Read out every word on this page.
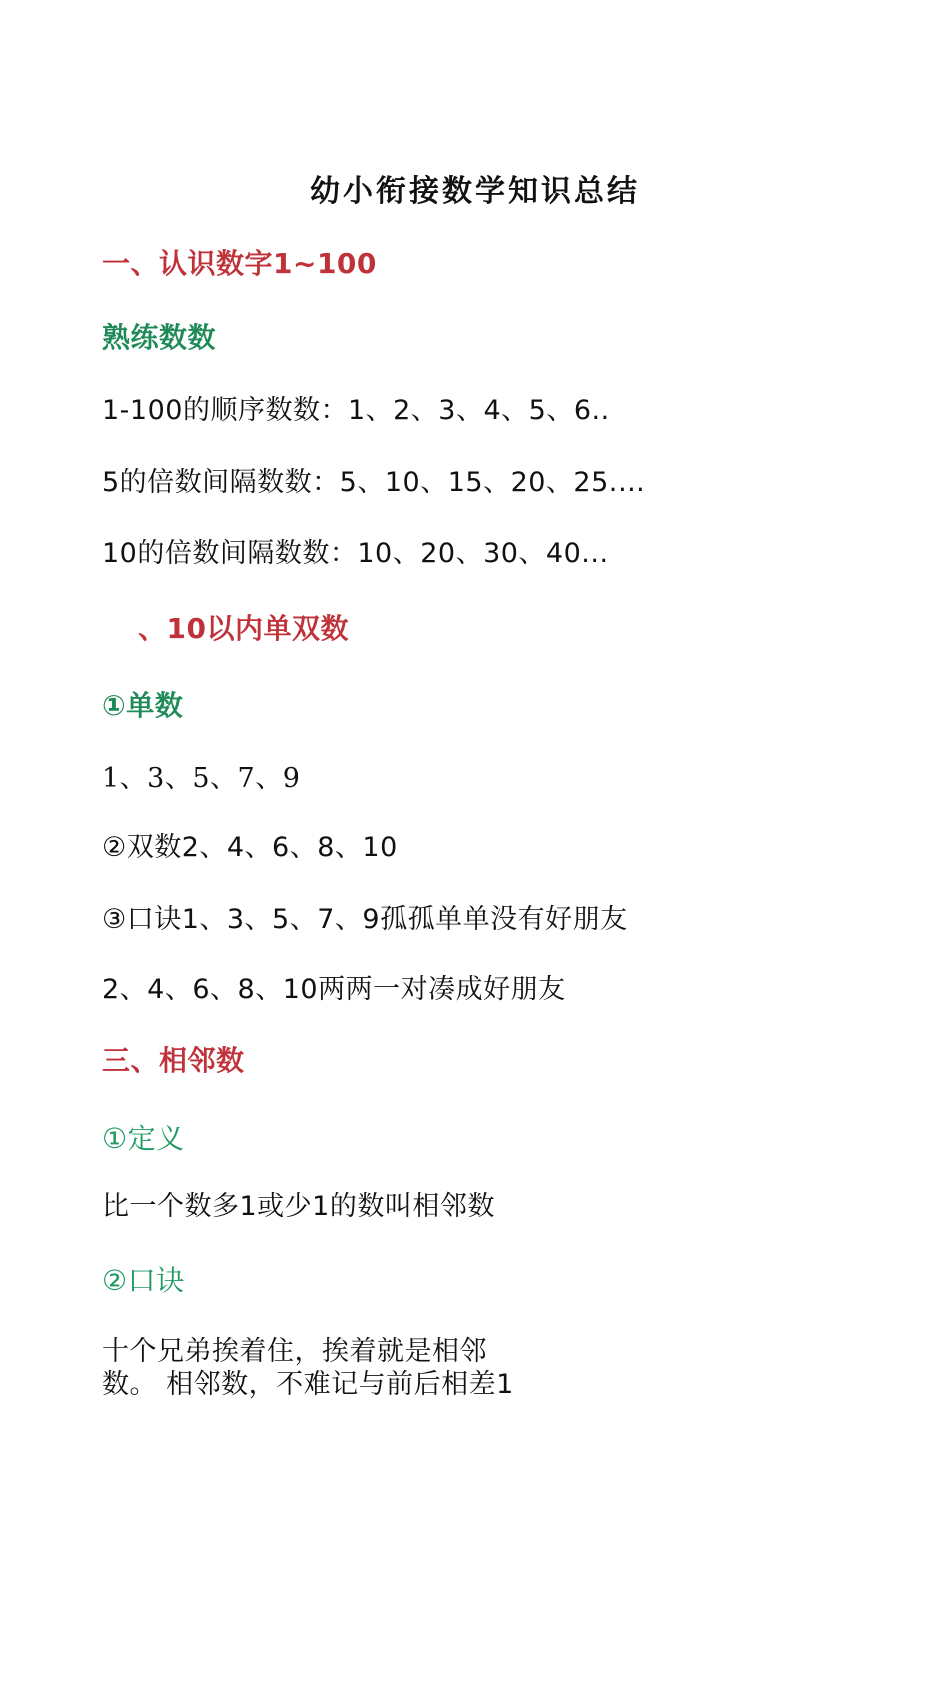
幼小衔接数学知识总结
一、认识数字1~100
熟练数数
1-100的顺序数数：1、2、3、4、5、6..
5的倍数间隔数数：5、10、15、20、25.…
10的倍数间隔数数：10、20、30、40...
、10以内单双数
①单数
1、3、5、7、9
②双数2、4、6、8、10
③口诀1、3、5、7、9孤孤单单没有好朋友
2、4、6、8、10两两一对凑成好朋友
三、相邻数
①定义
比一个数多1或少1的数叫相邻数
②口诀
十个兄弟挨着住，挨着就是相邻
数。 相邻数，不难记与前后相差1
